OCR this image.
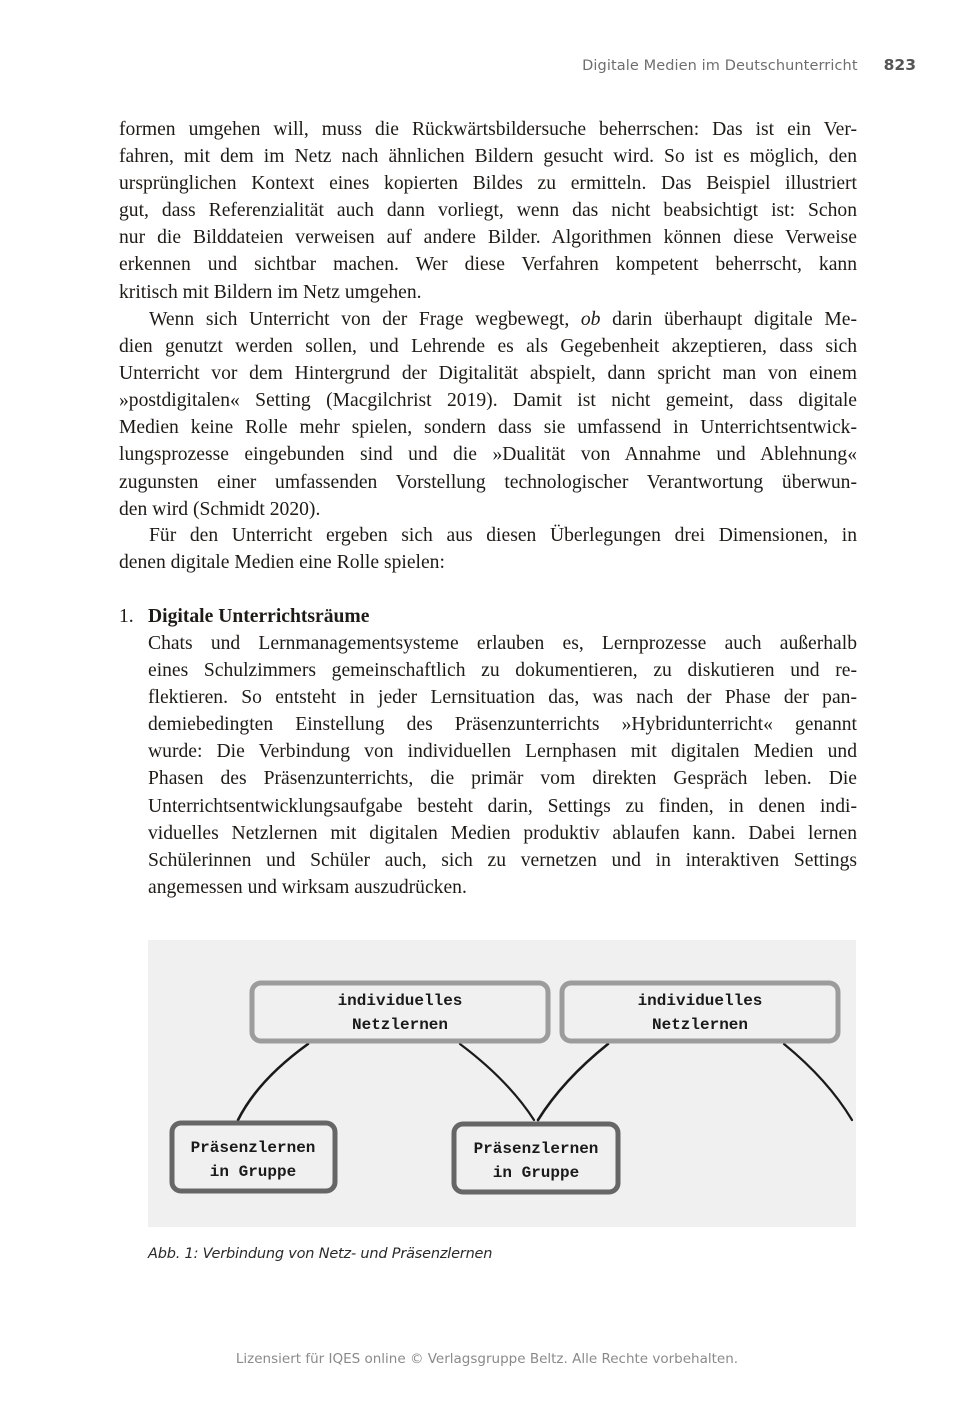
Digitale Medien im Deutschunterricht 823
formen umgehen will, muss die Rückwärtsbildersuche beherrschen: Das ist ein Ver-
fahren, mit dem im Netz nach ähnlichen Bildern gesucht wird. So ist es möglich, den
ursprünglichen Kontext eines kopierten Bildes zu ermitteln. Das Beispiel illustriert
gut, dass Referenzialität auch dann vorliegt, wenn das nicht beabsichtigt ist: Schon
nur die Bilddateien verweisen auf andere Bilder. Algorithmen können diese Verweise
erkennen und sichtbar machen. Wer diese Verfahren kompetent beherrscht, kann
kritisch mit Bildern im Netz umgehen.
Wenn sich Unterricht von der Frage wegbewegt, ob darin überhaupt digitale Me-
dien genutzt werden sollen, und Lehrende es als Gegebenheit akzeptieren, dass sich
Unterricht vor dem Hintergrund der Digitalität abspielt, dann spricht man von einem
»postdigitalen« Setting (Macgilchrist 2019). Damit ist nicht gemeint, dass digitale
Medien keine Rolle mehr spielen, sondern dass sie umfassend in Unterrichtsentwick-
lungsprozesse eingebunden sind und die »Dualität von Annahme und Ablehnung«
zugunsten einer umfassenden Vorstellung technologischer Verantwortung überwun-
den wird (Schmidt 2020).
Für den Unterricht ergeben sich aus diesen Überlegungen drei Dimensionen, in
denen digitale Medien eine Rolle spielen:
1. Digitale Unterrichtsräume
Chats und Lernmanagementsysteme erlauben es, Lernprozesse auch außerhalb
eines Schulzimmers gemeinschaftlich zu dokumentieren, zu diskutieren und re-
flektieren. So entsteht in jeder Lernsituation das, was nach der Phase der pan-
demiebedingten Einstellung des Präsenzunterrichts »Hybridunterricht« genannt
wurde: Die Verbindung von individuellen Lernphasen mit digitalen Medien und
Phasen des Präsenzunterrichts, die primär vom direkten Gespräch leben. Die
Unterrichtsentwicklungsaufgabe besteht darin, Settings zu finden, in denen indi-
viduelles Netzlernen mit digitalen Medien produktiv ablaufen kann. Dabei lernen
Schülerinnen und Schüler auch, sich zu vernetzen und in interaktiven Settings
angemessen und wirksam auszudrücken.
individuelles
Netzlernen
individuelles
Netzlernen
Präsenzlernen
in Gruppe
Präsenzlernen
in Gruppe
Abb. 1: Verbindung von Netz- und Präsenzlernen
Lizensiert für IQES online © Verlagsgruppe Beltz. Alle Rechte vorbehalten.
